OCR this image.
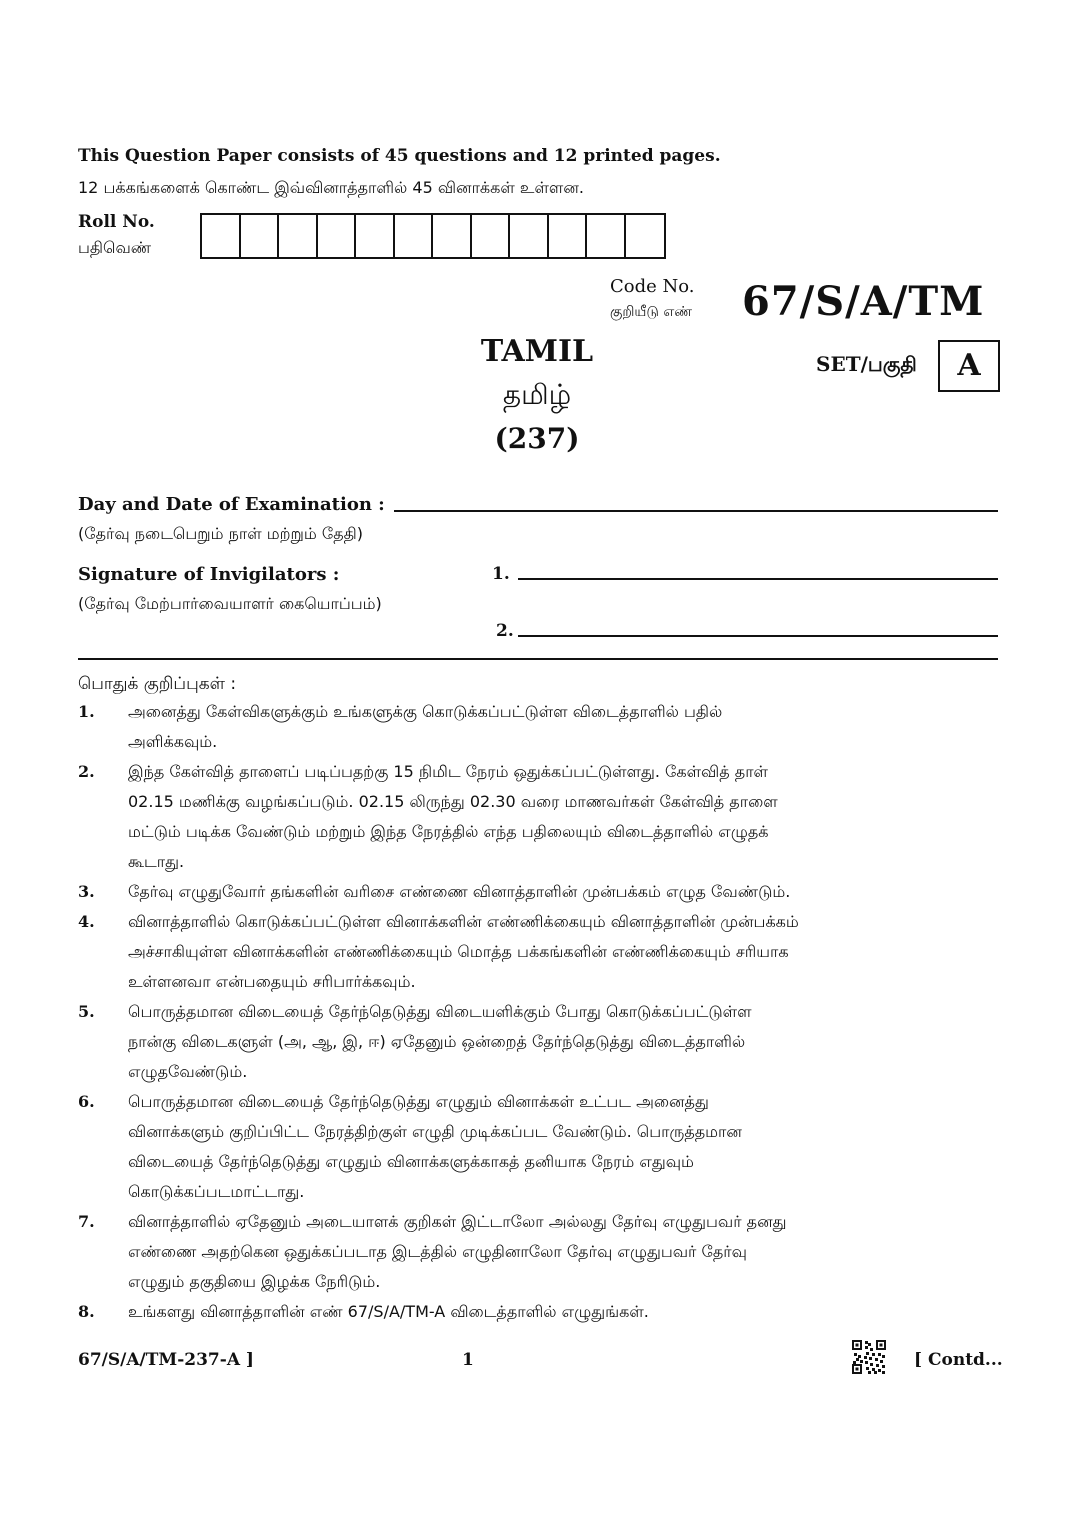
This Question Paper consists of 45 questions and 12 printed pages.
12 பக்கங்களைக் கொண்ட இவ்வினாத்தாளில் 45 வினாக்கள் உள்ளன.
Roll No.
பதிவெண்
Code No.
குறியீடு எண் 67/S/A/TM
TAMIL
தமிழ்
(237)
SET/பகுதி	A
Day and Date of Examination :
(தேர்வு நடைபெறும் நாள் மற்றும் தேதி)
Signature of Invigilators :
(தேர்வு மேற்பார்வையாளர் கையொப்பம்)
1.
2.
பொதுக் குறிப்புகள் :
1.	அனைத்து கேள்விகளுக்கும் உங்களுக்கு கொடுக்கப்பட்டுள்ள விடைத்தாளில் பதில்
அளிக்கவும்.
2.	இந்த கேள்வித் தாளைப் படிப்பதற்கு 15 நிமிட நேரம் ஒதுக்கப்பட்டுள்ளது. கேள்வித் தாள்
02.15 மணிக்கு வழங்கப்படும். 02.15 லிருந்து 02.30 வரை மாணவர்கள் கேள்வித் தாளை
மட்டும் படிக்க வேண்டும் மற்றும் இந்த நேரத்தில் எந்த பதிலையும் விடைத்தாளில் எழுதக்
கூடாது.
3.	தேர்வு எழுதுவோர் தங்களின் வரிசை எண்ணை வினாத்தாளின் முன்பக்கம் எழுத வேண்டும்.
4.	வினாத்தாளில் கொடுக்கப்பட்டுள்ள வினாக்களின் எண்ணிக்கையும் வினாத்தாளின் முன்பக்கம்
அச்சாகியுள்ள வினாக்களின் எண்ணிக்கையும் மொத்த பக்கங்களின் எண்ணிக்கையும் சரியாக
உள்ளனவா என்பதையும் சரிபார்க்கவும்.
5.	பொருத்தமான விடையைத் தேர்ந்தெடுத்து விடையளிக்கும் போது கொடுக்கப்பட்டுள்ள
நான்கு விடைகளுள் (அ, ஆ, இ, ஈ) ஏதேனும் ஒன்றைத் தேர்ந்தெடுத்து விடைத்தாளில்
எழுதவேண்டும்.
6.	பொருத்தமான விடையைத் தேர்ந்தெடுத்து எழுதும் வினாக்கள் உட்பட அனைத்து
வினாக்களும் குறிப்பிட்ட நேரத்திற்குள் எழுதி முடிக்கப்பட வேண்டும். பொருத்தமான
விடையைத் தேர்ந்தெடுத்து எழுதும் வினாக்களுக்காகத் தனியாக நேரம் எதுவும்
கொடுக்கப்படமாட்டாது.
7.	வினாத்தாளில் ஏதேனும் அடையாளக் குறிகள் இட்டாலோ அல்லது தேர்வு எழுதுபவர் தனது
எண்ணை அதற்கென ஒதுக்கப்படாத இடத்தில் எழுதினாலோ தேர்வு எழுதுபவர் தேர்வு
எழுதும் தகுதியை இழக்க நேரிடும்.
8.	உங்களது வினாத்தாளின் எண் 67/S/A/TM-A விடைத்தாளில் எழுதுங்கள்.
67/S/A/TM-237-A ]	1	[ Contd...
